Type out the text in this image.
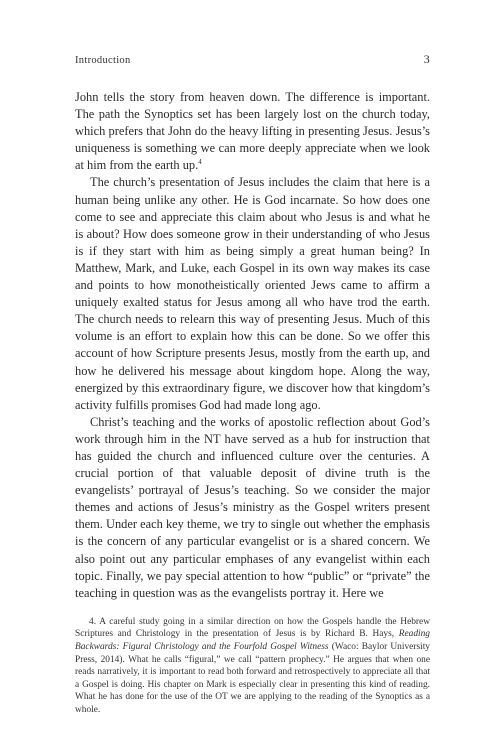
Introduction	3

John tells the story from heaven down. The difference is important. The path the Synoptics set has been largely lost on the church today, which prefers that John do the heavy lifting in presenting Jesus. Jesus’s uniqueness is something we can more deeply appreciate when we look at him from the earth up.$^4$

The church’s presentation of Jesus includes the claim that here is a human being unlike any other. He is God incarnate. So how does one come to see and appreciate this claim about who Jesus is and what he is about? How does someone grow in their understanding of who Jesus is if they start with him as being simply a great human being? In Matthew, Mark, and Luke, each Gospel in its own way makes its case and points to how monotheistically oriented Jews came to affirm a uniquely exalted status for Jesus among all who have trod the earth. The church needs to relearn this way of presenting Jesus. Much of this volume is an effort to explain how this can be done. So we offer this account of how Scripture presents Jesus, mostly from the earth up, and how he delivered his message about kingdom hope. Along the way, energized by this extraordinary figure, we discover how that kingdom’s activity fulfills promises God had made long ago.

Christ’s teaching and the works of apostolic reflection about God’s work through him in the NT have served as a hub for instruction that has guided the church and influenced culture over the centuries. A crucial portion of that valuable deposit of divine truth is the evangelists’ portrayal of Jesus’s teaching. So we consider the major themes and actions of Jesus’s ministry as the Gospel writers present them. Under each key theme, we try to single out whether the emphasis is the concern of any particular evangelist or is a shared concern. We also point out any particular emphases of any evangelist within each topic. Finally, we pay special attention to how “public” or “private” the teaching in question was as the evangelists portray it. Here we

4. A careful study going in a similar direction on how the Gospels handle the Hebrew Scriptures and Christology in the presentation of Jesus is by Richard B. Hays, Reading Backwards: Figural Christology and the Fourfold Gospel Witness (Waco: Baylor University Press, 2014). What he calls “figural,” we call “pattern prophecy.” He argues that when one reads narratively, it is important to read both forward and retrospectively to appreciate all that a Gospel is doing. His chapter on Mark is especially clear in presenting this kind of reading. What he has done for the use of the OT we are applying to the reading of the Synoptics as a whole.
